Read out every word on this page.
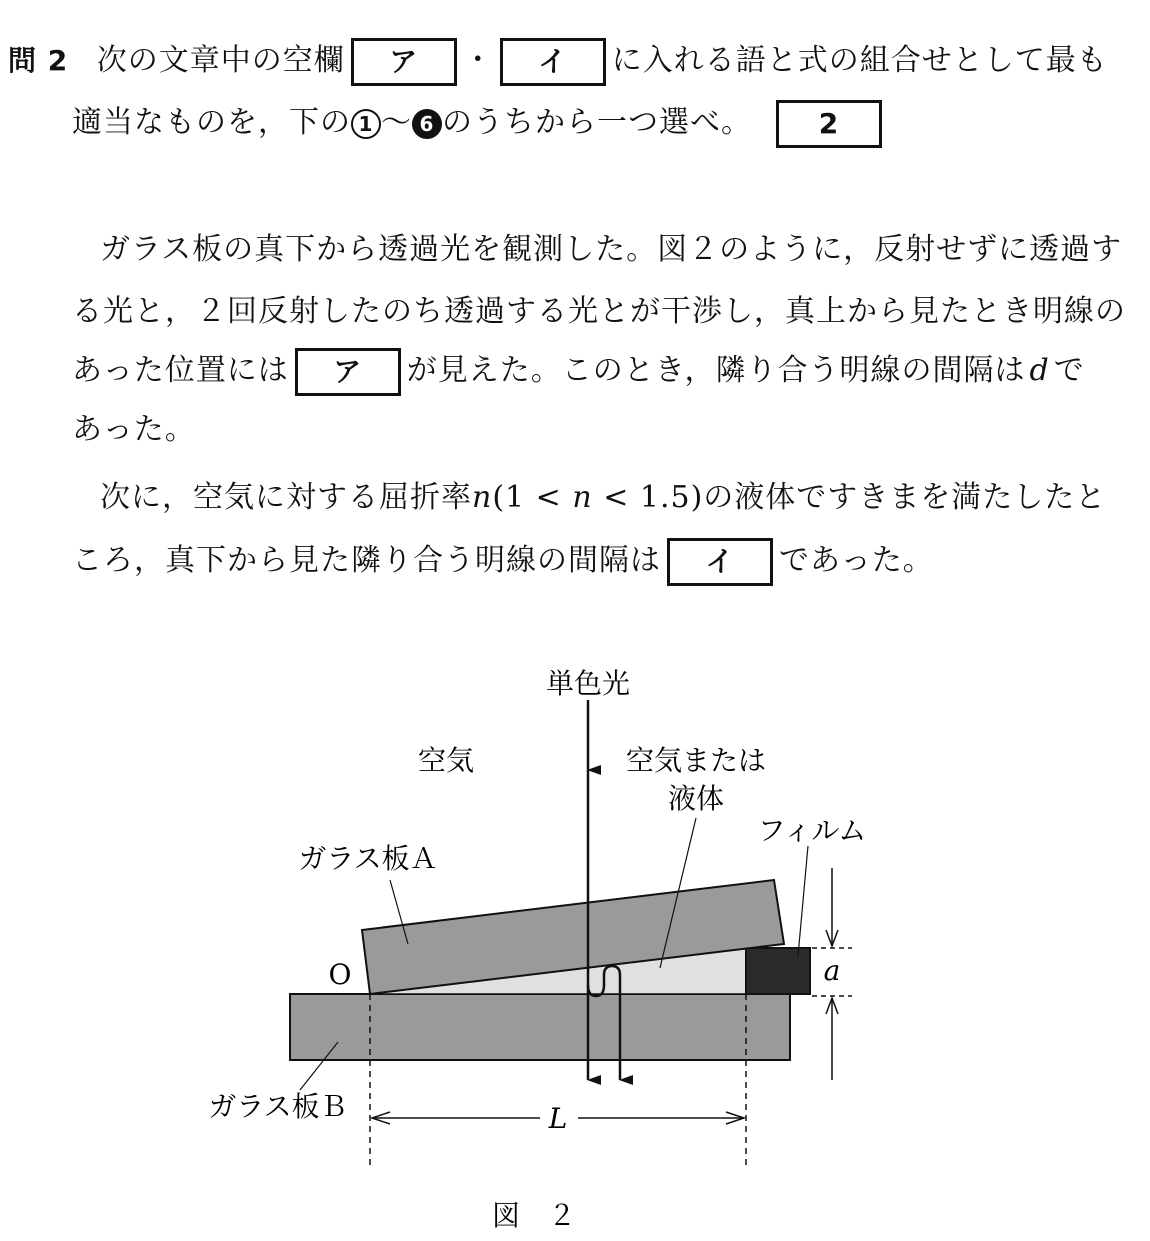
問 2 次の文章中の空欄 ア ・ イ に入れる語と式の組合せとして最も
適当なものを，下の 1 〜 6 のうちから一つ選べ。 2
ガラス板の真下から透過光を観測した。図２のように，反射せずに透過す
る光と，２回反射したのち透過する光とが干渉し，真上から見たとき明線の
あった位置には ア が見えた。このとき，隣り合う明線の間隔は d で
あった。
次に，空気に対する屈折率n(1 < n < 1.5)の液体ですきまを満たしたと
ころ，真下から見た隣り合う明線の間隔は イ であった。
単色光
空気	空気または
液体
フィルム
ガラス板Ａ
O	a
ガラス板Ｂ	L
図　２
